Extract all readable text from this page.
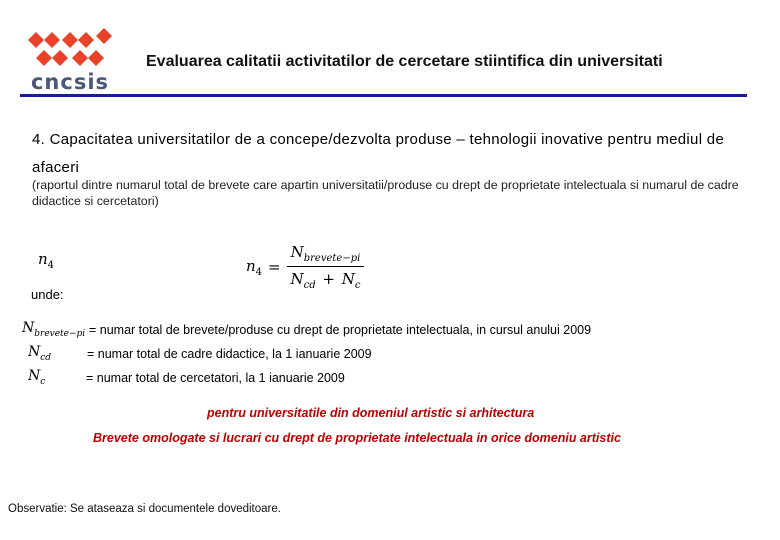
cncsis
Evaluarea calitatii activitatilor de cercetare stiintifica din universitati
4. Capacitatea universitatilor de a concepe/dezvolta produse – tehnologii inovative pentru mediul de afaceri
(raportul dintre numarul total de brevete care apartin universitatii/produse cu drept de proprietate intelectuala si numarul de cadre didactice si cercetatori)
$n_4$	$n_4 = \frac{N_{brevete-pi}}{N_{cd} + N_c}$
unde:
$N_{brevete-pi}$ = numar total de brevete/produse cu drept de proprietate intelectuala, in cursul anului 2009
$N_{cd}$	= numar total de cadre didactice, la 1 ianuarie 2009
$N_c$	= numar total de cercetatori, la 1 ianuarie 2009
pentru universitatile din domeniul artistic si arhitectura
Brevete omologate si lucrari cu drept de proprietate intelectuala in orice domeniu artistic
Observatie: Se ataseaza si documentele doveditoare.
